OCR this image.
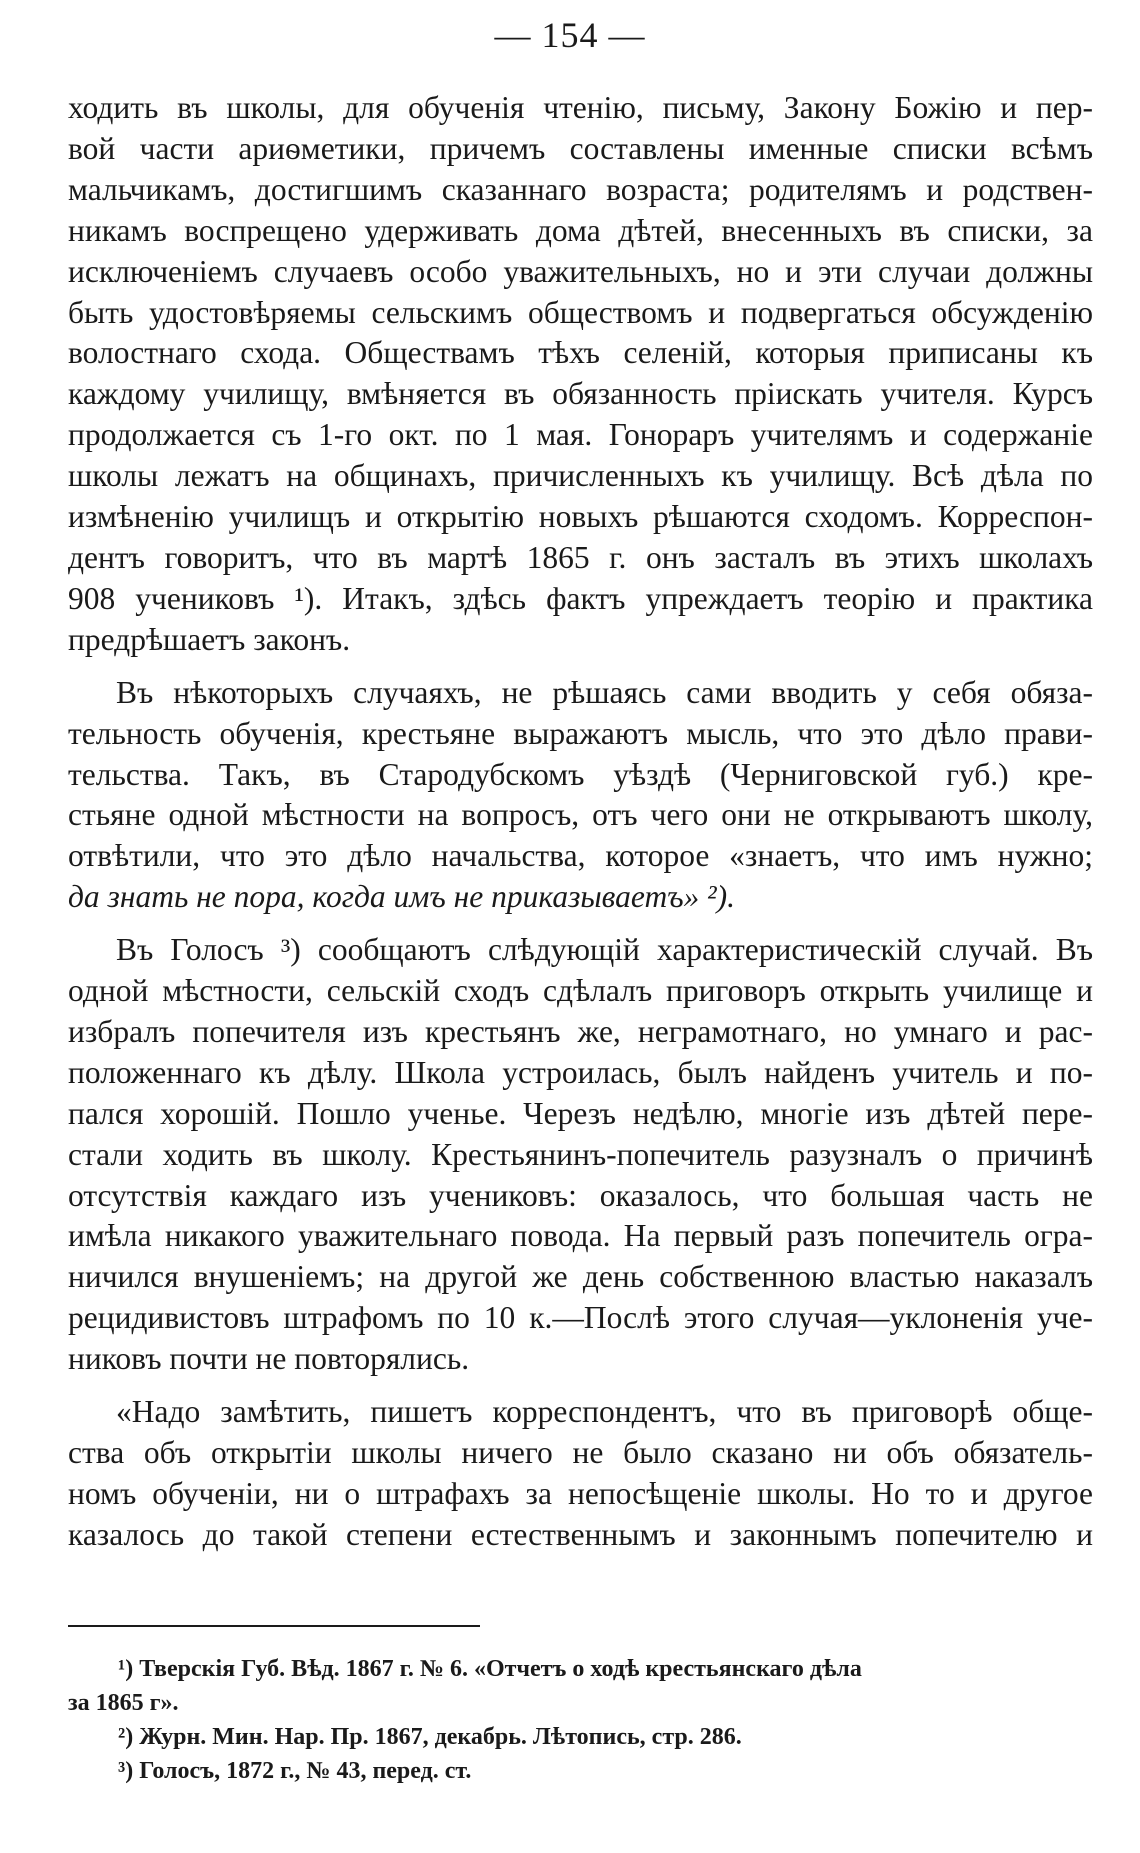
— 154 —
ходить въ школы, для обученія чтенію, письму, Закону Божію и пер-
вой части ариѳметики, причемъ составлены именные списки всѣмъ
мальчикамъ, достигшимъ сказаннаго возраста; родителямъ и родствен-
никамъ воспрещено удерживать дома дѣтей, внесенныхъ въ списки, за
исключеніемъ случаевъ особо уважительныхъ, но и эти случаи должны
быть удостовѣряемы сельскимъ обществомъ и подвергаться обсужденію
волостнаго схода. Обществамъ тѣхъ селеній, которыя приписаны къ
каждому училищу, вмѣняется въ обязанность пріискать учителя. Курсъ
продолжается съ 1-го окт. по 1 мая. Гонораръ учителямъ и содержаніе
школы лежатъ на общинахъ, причисленныхъ къ училищу. Всѣ дѣла по
измѣненію училищъ и открытію новыхъ рѣшаются сходомъ. Корреспон-
дентъ говоритъ, что въ мартѣ 1865 г. онъ засталъ въ этихъ школахъ
908 учениковъ ¹). Итакъ, здѣсь фактъ упреждаетъ теорію и практика
предрѣшаетъ законъ.
Въ нѣкоторыхъ случаяхъ, не рѣшаясь сами вводить у себя обяза-
тельность обученія, крестьяне выражаютъ мысль, что это дѣло прави-
тельства. Такъ, въ Стародубскомъ уѣздѣ (Черниговской губ.) кре-
стьяне одной мѣстности на вопросъ, отъ чего они не открываютъ школу,
отвѣтили, что это дѣло начальства, которое «знаетъ, что имъ нужно;
да знать не пора, когда имъ не приказываетъ» ²).
Въ Голосъ ³) сообщаютъ слѣдующій характеристическій случай. Въ
одной мѣстности, сельскій сходъ сдѣлалъ приговоръ открыть училище и
избралъ попечителя изъ крестьянъ же, неграмотнаго, но умнаго и рас-
положеннаго къ дѣлу. Школа устроилась, былъ найденъ учитель и по-
пался хорошій. Пошло ученье. Черезъ недѣлю, многіе изъ дѣтей пере-
стали ходить въ школу. Крестьянинъ-попечитель разузналъ о причинѣ
отсутствія каждаго изъ учениковъ: оказалось, что большая часть не
имѣла никакого уважительнаго повода. На первый разъ попечитель огра-
ничился внушеніемъ; на другой же день собственною властью наказалъ
рецидивистовъ штрафомъ по 10 к.—Послѣ этого случая—уклоненія уче-
никовъ почти не повторялись.
«Надо замѣтить, пишетъ корреспондентъ, что въ приговорѣ обще-
ства объ открытіи школы ничего не было сказано ни объ обязатель-
номъ обученіи, ни о штрафахъ за непосѣщеніе школы. Но то и другое
казалось до такой степени естественнымъ и законнымъ попечителю и
¹) Тверскія Губ. Вѣд. 1867 г. № 6. «Отчетъ о ходѣ крестьянскаго дѣла
за 1865 г».
²) Журн. Мин. Нар. Пр. 1867, декабрь. Лѣтопись, стр. 286.
³) Голосъ, 1872 г., № 43, перед. ст.
